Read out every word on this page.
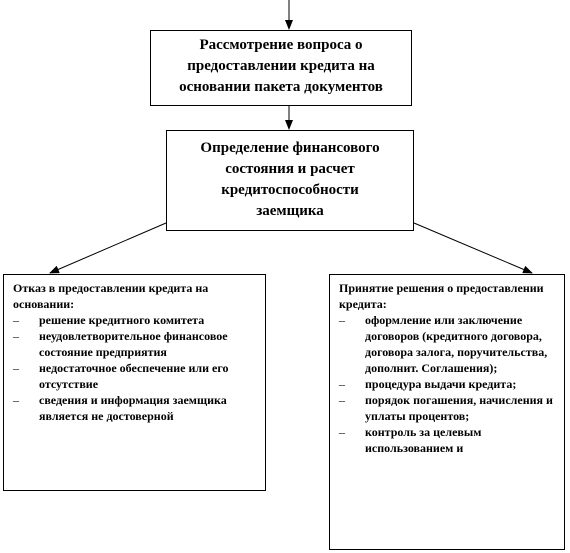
Рассмотрение вопроса о
предоставлении кредита на
основании пакета документов
Определение финансового
состояния и расчет
кредитоспособности
заемщика
Отказ в предоставлении кредита на основании:
– решение кредитного комитета
– неудовлетворительное финансовое состояние предприятия
– недостаточное обеспечение или его отсутствие
– сведения и информация заемщика является не достоверной
Принятие решения о предоставлении кредита:
– оформление или заключение договоров (кредитного договора, договора залога, поручительства, дополнит. Соглашения);
– процедура выдачи кредита;
– порядок погашения, начисления и уплаты процентов;
– контроль за целевым использованием и
